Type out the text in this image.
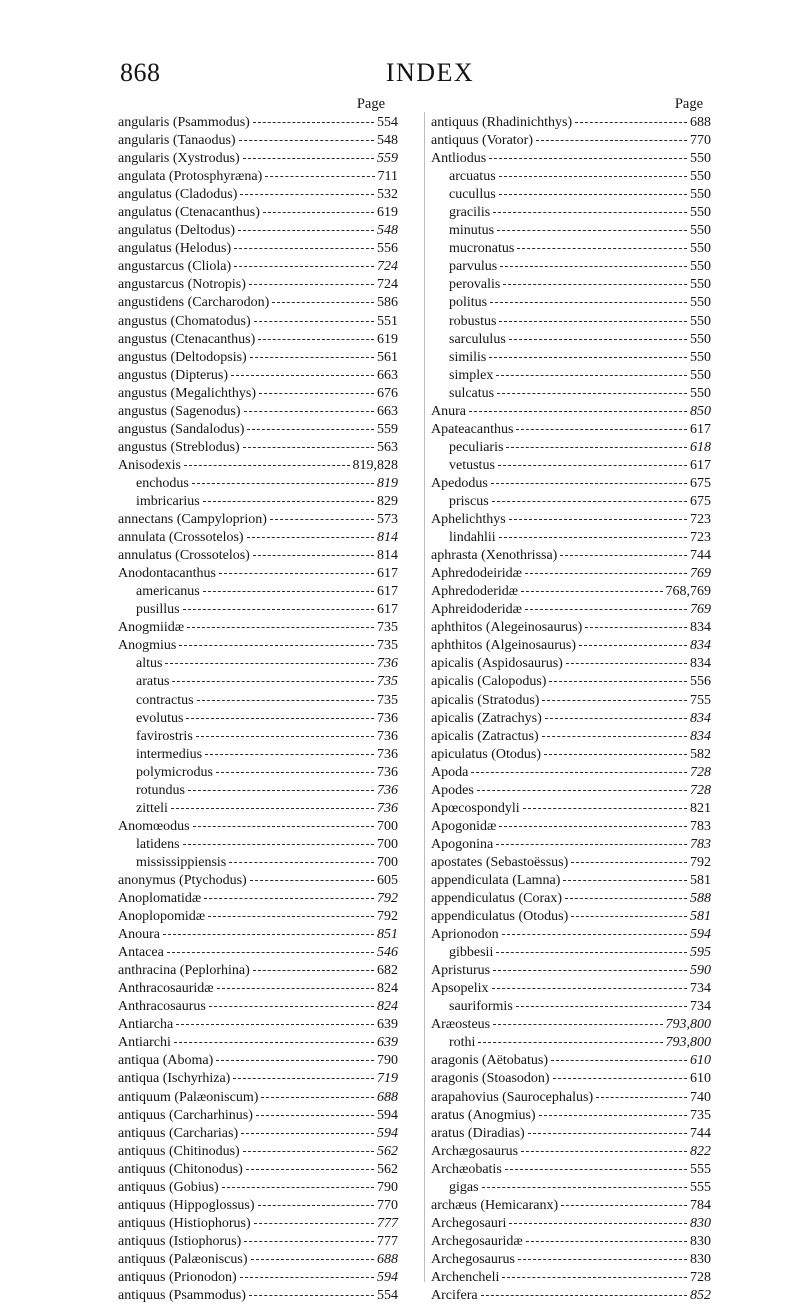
868	INDEX
Page
angularis (Psammodus)	554
angularis (Tanaodus)	548
angularis (Xystrodus)	559
angulata (Protosphyræna)	711
angulatus (Cladodus)	532
angulatus (Ctenacanthus)	619
angulatus (Deltodus)	548
angulatus (Helodus)	556
angustarcus (Cliola)	724
angustarcus (Notropis)	724
angustidens (Carcharodon)	586
angustus (Chomatodus)	551
angustus (Ctenacanthus)	619
angustus (Deltodopsis)	561
angustus (Dipterus)	663
angustus (Megalichthys)	676
angustus (Sagenodus)	663
angustus (Sandalodus)	559
angustus (Streblodus)	563
Anisodexis	819,828
enchodus	819
imbricarius	829
annectans (Campyloprion)	573
annulata (Crossotelos)	814
annulatus (Crossotelos)	814
Anodontacanthus	617
americanus	617
pusillus	617
Anogmiidæ	735
Anogmius	735
altus	736
aratus	735
contractus	735
evolutus	736
favirostris	736
intermedius	736
polymicrodus	736
rotundus	736
zitteli	736
Anomœodus	700
latidens	700
mississippiensis	700
anonymus (Ptychodus)	605
Anoplomatidæ	792
Anoplopomidæ	792
Anoura	851
Antacea	546
anthracina (Peplorhina)	682
Anthracosauridæ	824
Anthracosaurus	824
Antiarcha	639
Antiarchi	639
antiqua (Aboma)	790
antiqua (Ischyrhiza)	719
antiquum (Palæoniscum)	688
antiquus (Carcharhinus)	594
antiquus (Carcharias)	594
antiquus (Chitinodus)	562
antiquus (Chitonodus)	562
antiquus (Gobius)	790
antiquus (Hippoglossus)	770
antiquus (Histiophorus)	777
antiquus (Istiophorus)	777
antiquus (Palæoniscus)	688
antiquus (Prionodon)	594
antiquus (Psammodus)	554
Page
antiquus (Rhadinichthys)	688
antiquus (Vorator)	770
Antliodus	550
arcuatus	550
cucullus	550
gracilis	550
minutus	550
mucronatus	550
parvulus	550
perovalis	550
politus	550
robustus	550
sarcululus	550
similis	550
simplex	550
sulcatus	550
Anura	850
Apateacanthus	617
peculiaris	618
vetustus	617
Apedodus	675
priscus	675
Aphelichthys	723
lindahlii	723
aphrasta (Xenothrissa)	744
Aphredodeiridæ	769
Aphredoderidæ	768,769
Aphreidoderidæ	769
aphthitos (Alegeinosaurus)	834
aphthitos (Algeinosaurus)	834
apicalis (Aspidosaurus)	834
apicalis (Calopodus)	556
apicalis (Stratodus)	755
apicalis (Zatrachys)	834
apicalis (Zatractus)	834
apiculatus (Otodus)	582
Apoda	728
Apodes	728
Apœcospondyli	821
Apogonidæ	783
Apogonina	783
apostates (Sebastoëssus)	792
appendiculata (Lamna)	581
appendiculatus (Corax)	588
appendiculatus (Otodus)	581
Aprionodon	594
gibbesii	595
Apristurus	590
Apsopelix	734
sauriformis	734
Aræosteus	793,800
rothi	793,800
aragonis (Aëtobatus)	610
aragonis (Stoasodon)	610
arapahovius (Saurocephalus)	740
aratus (Anogmius)	735
aratus (Diradias)	744
Archægosaurus	822
Archæobatis	555
gigas	555
archæus (Hemicaranx)	784
Archegosauri	830
Archegosauridæ	830
Archegosaurus	830
Archencheli	728
Arcifera	852
